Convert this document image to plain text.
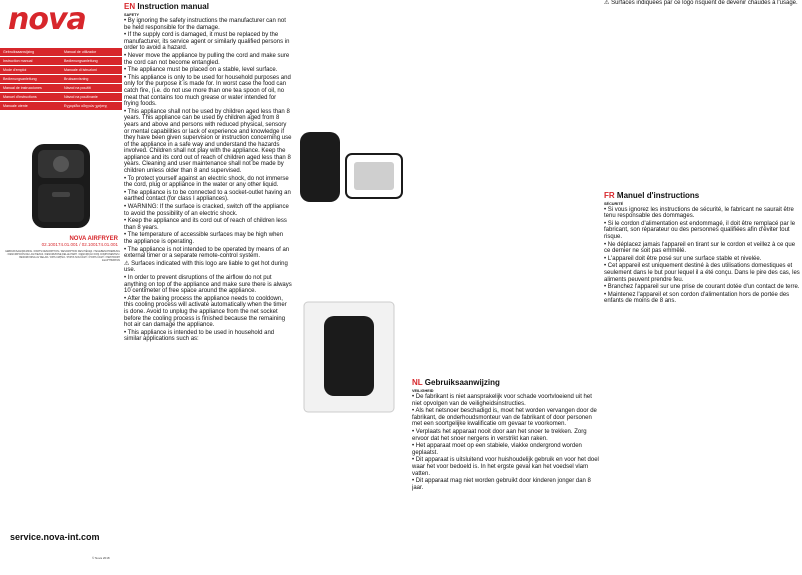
nova
Gebruiksaanwijzing	Manual de utilizador
Instruction manual	Bedienungsanleitung
Mode d'emploi	Manuale di istruzioni
Bedienungsanleitung	Bruksanvisning
Manual de instrucciones	Návod na použití
Manuel d'instructions	Návod na používanie
Manuale utente	Εγχειρίδιο οδηγιών χρήσης
NOVA AIRFRYER
02.100174.01.001 / 02.100174.01.001
GEBRUIKSAANWIJZING / PARTS DESCRIPTION / DESCRIPTION DES PIÈCES / TEILEBESCHREIBUNG / DESCRIPCIÓN DE LAS PIEZAS / DESCRIZIONE DELLE PARTI / DESCRIÇÃO DOS COMPONENTES / BESKRIVNING AV DELAR / OPIS CZĘŚCI / POPIS SOUČÁSTÍ / POPIS ČASTÍ / ΠΕΡΙΓΡΑΦΉ ΕΞΑΡΤΗΜΆΤΩΝ
service.nova-int.com
© Nova 2018
EN Instruction manual
SAFETY
• By ignoring the safety instructions the manufacturer can not be held responsible for the damage.
• If the supply cord is damaged, it must be replaced by the manufacturer, its service agent or similarly qualified persons in order to avoid a hazard.
• Never move the appliance by pulling the cord and make sure the cord can not become entangled.
• The appliance must be placed on a stable, level surface.
• This appliance is only to be used for household purposes and only for the purpose it is made for. In worst case the food can catch fire, (i.e. do not use more than one tea spoon of oil, no meat that contains too much grease or water intended for frying foods.
• This appliance shall not be used by children aged less than 8 years. This appliance can be used by children aged from 8 years and above and persons with reduced physical, sensory or mental capabilities or lack of experience and knowledge if they have been given supervision or instruction concerning use of the appliance in a safe way and understand the hazards involved. Children shall not play with the appliance. Keep the appliance and its cord out of reach of children aged less than 8 years. Cleaning and user maintenance shall not be made by children unless older than 8 and supervised.
• To protect yourself against an electric shock, do not immerse the cord, plug or appliance in the water or any other liquid.
• The appliance is to be connected to a socket-outlet having an earthed contact (for class I appliances).
• WARNING: If the surface is cracked, switch off the appliance to avoid the possibility of an electric shock.
• Keep the appliance and its cord out of reach of children less than 8 years.
• The temperature of accessible surfaces may be high when the appliance is operating.
• The appliance is not intended to be operated by means of an external timer or a separate remote-control system.
⚠ Surfaces indicated with this logo are liable to get hot during use.
• In order to prevent disruptions of the airflow do not put anything on top of the appliance and make sure there is always 10 centimeter of free space around the appliance.
• After the baking process the appliance needs to cooldown, this cooling process will activate automatically when the timer is done. Avoid to unplug the appliance from the net socket before the cooling process is finished because the remaining hot air can damage the appliance.
• This appliance is intended to be used in household and similar applications such as:
NL Gebruiksaanwijzing
VEILIGHEID
• De fabrikant is niet aansprakelijk voor schade voortvloeiend uit het niet opvolgen van de veiligheidsinstructies.
• Als het netsnoer beschadigd is, moet het worden vervangen door de fabrikant, de onderhoudsmonteur van de fabrikant of door personen met een soortgelijke kwalificatie om gevaar te voorkomen.
• Verplaats het apparaat nooit door aan het snoer te trekken. Zorg ervoor dat het snoer nergens in verstrikt kan raken.
• Het apparaat moet op een stabiele, vlakke ondergrond worden geplaatst.
• Dit apparaat is uitsluitend voor huishoudelijk gebruik en voor het doel waar het voor bedoeld is. In het ergste geval kan het voedsel vlam vatten.
• Dit apparaat mag niet worden gebruikt door kinderen jonger dan 8 jaar.
⚠ Surfaces indiquées par ce logo risquent de devenir chaudes à l'usage.
FR Manuel d'instructions
SÉCURITÉ
• Si vous ignorez les instructions de sécurité, le fabricant ne saurait être tenu responsable des dommages.
• Si le cordon d'alimentation est endommagé, il doit être remplacé par le fabricant, son réparateur ou des personnes qualifiées afin d'éviter tout risque.
• Ne déplacez jamais l'appareil en tirant sur le cordon et veillez à ce que ce dernier ne soit pas emmêlé.
• L'appareil doit être posé sur une surface stable et nivelée.
• Cet appareil est uniquement destiné à des utilisations domestiques et seulement dans le but pour lequel il a été conçu. Dans le pire des cas, les aliments peuvent prendre feu.
• Branchez l'appareil sur une prise de courant dotée d'un contact de terre.
• Maintenez l'appareil et son cordon d'alimentation hors de portée des enfants de moins de 8 ans.
